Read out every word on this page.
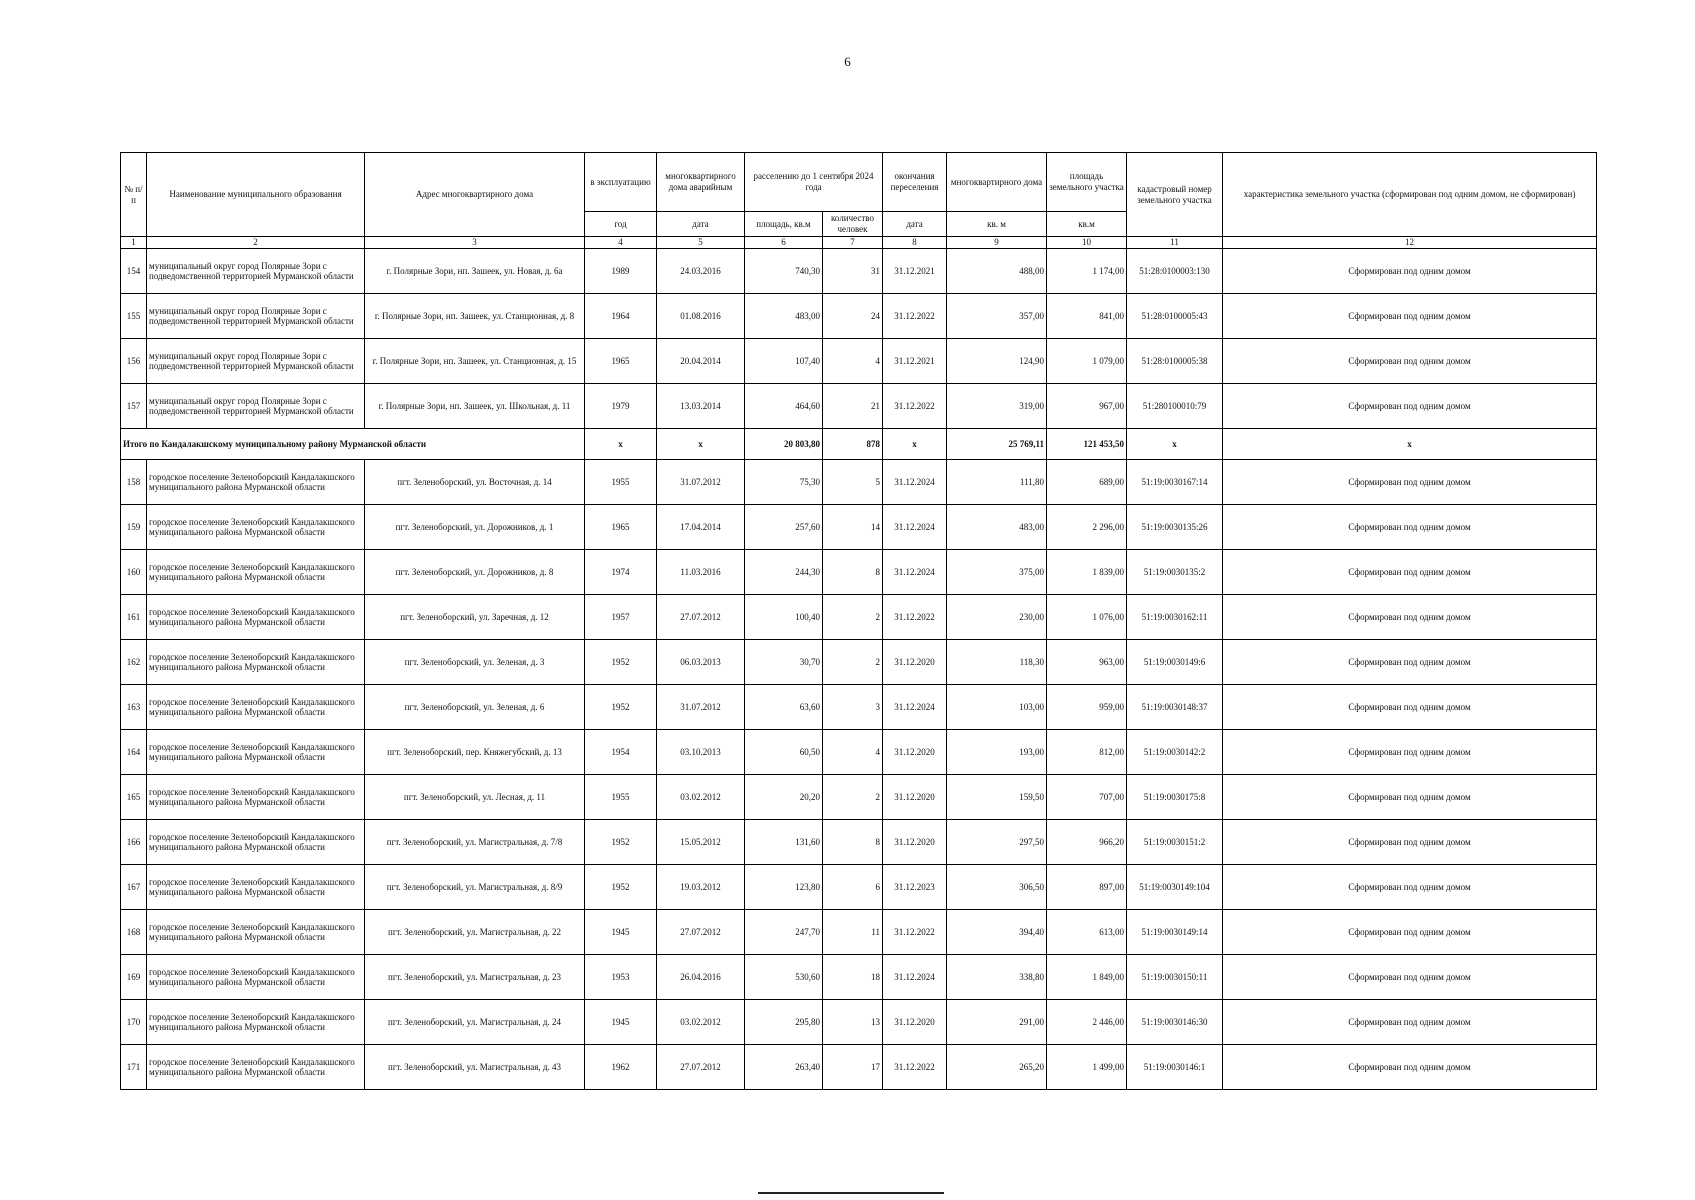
6
№ п/п	Наименование муниципального образования	Адрес многоквартирного дома	в эксплуатацию	многоквартирного дома аварийным	расселению до 1 сентября 2024 года		окончания переселения	многоквартирного дома	площадь земельного участка	кадастровый номер земельного участка	характеристика земельного участка (сформирован под одним домом, не сформирован)
			год	дата	площадь, кв.м	количество человек	дата	кв. м	кв.м		
1	2	3	4	5	6	7	8	9	10	11	12
154	муниципальный округ город Полярные Зори с подведомственной территорией Мурманской области	г. Полярные Зори, нп. Зашеек, ул. Новая, д. 6а	1989	24.03.2016	740,30	31	31.12.2021	488,00	1 174,00	51:28:0100003:130	Сформирован под одним домом
155	муниципальный округ город Полярные Зори с подведомственной территорией Мурманской области	г. Полярные Зори, нп. Зашеек, ул. Станционная, д. 8	1964	01.08.2016	483,00	24	31.12.2022	357,00	841,00	51:28:0100005:43	Сформирован под одним домом
156	муниципальный округ город Полярные Зори с подведомственной территорией Мурманской области	г. Полярные Зори, нп. Зашеек, ул. Станционная, д. 15	1965	20.04.2014	107,40	4	31.12.2021	124,90	1 079,00	51:28:0100005:38	Сформирован под одним домом
157	муниципальный округ город Полярные Зори с подведомственной территорией Мурманской области	г. Полярные Зори, нп. Зашеек, ул. Школьная, д. 11	1979	13.03.2014	464,60	21	31.12.2022	319,00	967,00	51:280100010:79	Сформирован под одним домом
Итого по Кандалакшскому муниципальному району Мурманской области			x	x	20 803,80	878	x	25 769,11	121 453,50	x	x
158	городское поселение Зеленоборский Кандалакшского муниципального района Мурманской области	пгт. Зеленоборский, ул. Восточная, д. 14	1955	31.07.2012	75,30	5	31.12.2024	111,80	689,00	51:19:0030167:14	Сформирован под одним домом
159	городское поселение Зеленоборский Кандалакшского муниципального района Мурманской области	пгт. Зеленоборский, ул. Дорожников, д. 1	1965	17.04.2014	257,60	14	31.12.2024	483,00	2 296,00	51:19:0030135:26	Сформирован под одним домом
160	городское поселение Зеленоборский Кандалакшского муниципального района Мурманской области	пгт. Зеленоборский, ул. Дорожников, д. 8	1974	11.03.2016	244,30	8	31.12.2024	375,00	1 839,00	51:19:0030135:2	Сформирован под одним домом
161	городское поселение Зеленоборский Кандалакшского муниципального района Мурманской области	пгт. Зеленоборский, ул. Заречная, д. 12	1957	27.07.2012	100,40	2	31.12.2022	230,00	1 076,00	51:19:0030162:11	Сформирован под одним домом
162	городское поселение Зеленоборский Кандалакшского муниципального района Мурманской области	пгт. Зеленоборский, ул. Зеленая, д. 3	1952	06.03.2013	30,70	2	31.12.2020	118,30	963,00	51:19:0030149:6	Сформирован под одним домом
163	городское поселение Зеленоборский Кандалакшского муниципального района Мурманской области	пгт. Зеленоборский, ул. Зеленая, д. 6	1952	31.07.2012	63,60	3	31.12.2024	103,00	959,00	51:19:0030148:37	Сформирован под одним домом
164	городское поселение Зеленоборский Кандалакшского муниципального района Мурманской области	пгт. Зеленоборский, пер. Княжегубский, д. 13	1954	03.10.2013	60,50	4	31.12.2020	193,00	812,00	51:19:0030142:2	Сформирован под одним домом
165	городское поселение Зеленоборский Кандалакшского муниципального района Мурманской области	пгт. Зеленоборский, ул. Лесная, д. 11	1955	03.02.2012	20,20	2	31.12.2020	159,50	707,00	51:19:0030175:8	Сформирован под одним домом
166	городское поселение Зеленоборский Кандалакшского муниципального района Мурманской области	пгт. Зеленоборский, ул. Магистральная, д. 7/8	1952	15.05.2012	131,60	8	31.12.2020	297,50	966,20	51:19:0030151:2	Сформирован под одним домом
167	городское поселение Зеленоборский Кандалакшского муниципального района Мурманской области	пгт. Зеленоборский, ул. Магистральная, д. 8/9	1952	19.03.2012	123,80	6	31.12.2023	306,50	897,00	51:19:0030149:104	Сформирован под одним домом
168	городское поселение Зеленоборский Кандалакшского муниципального района Мурманской области	пгт. Зеленоборский, ул. Магистральная, д. 22	1945	27.07.2012	247,70	11	31.12.2022	394,40	613,00	51:19:0030149:14	Сформирован под одним домом
169	городское поселение Зеленоборский Кандалакшского муниципального района Мурманской области	пгт. Зеленоборский, ул. Магистральная, д. 23	1953	26.04.2016	530,60	18	31.12.2024	338,80	1 849,00	51:19:0030150:11	Сформирован под одним домом
170	городское поселение Зеленоборский Кандалакшского муниципального района Мурманской области	пгт. Зеленоборский, ул. Магистральная, д. 24	1945	03.02.2012	295,80	13	31.12.2020	291,00	2 446,00	51:19:0030146:30	Сформирован под одним домом
171	городское поселение Зеленоборский Кандалакшского муниципального района Мурманской области	пгт. Зеленоборский, ул. Магистральная, д. 43	1962	27.07.2012	263,40	17	31.12.2022	265,20	1 499,00	51:19:0030146:1	Сформирован под одним домом
